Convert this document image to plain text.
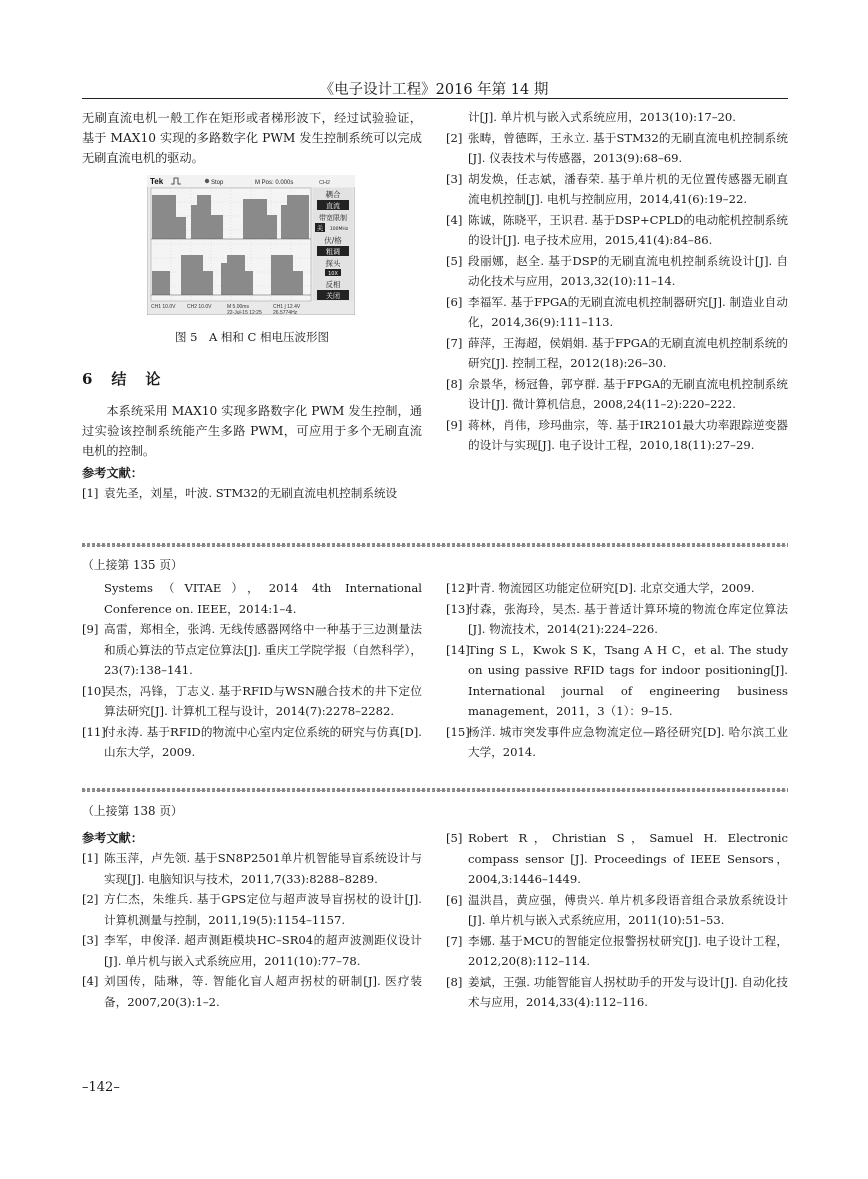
《电子设计工程》2016 年第 14 期

无刷直流电机一般工作在矩形或者梯形波下，经过试验验证，基于 MAX10 实现的多路数字化 PWM 发生控制系统可以完成无刷直流电机的驱动。

Tek	Stop	M Pos: 0.000s	CH2
耦合
直流
带宽限制
关 100MHz
伏/格
粗调
探头
10X
反相
关闭
CH1 10.0V CH2 10.0V	M 5.00ms
22-Jul-15 12:25
CH1 ∫ 12.4V
26.5774Hz
图 5　A 相和 C 相电压波形图

6　结　论

本系统采用 MAX10 实现多路数字化 PWM 发生控制，通过实验该控制系统能产生多路 PWM，可应用于多个无刷直流电机的控制。

参考文献：

[1] 袁先圣，刘星，叶波. STM32的无刷直流电机控制系统设

计[J]. 单片机与嵌入式系统应用，2013(10):17–20.

[2] 张畴，曾德晖，王永立. 基于STM32的无刷直流电机控制系统[J]. 仪表技术与传感器，2013(9):68–69.

[3] 胡发焕，任志斌，潘春荣. 基于单片机的无位置传感器无刷直流电机控制[J]. 电机与控制应用，2014,41(6):19–22.

[4] 陈诚，陈晓平，王识君. 基于DSP+CPLD的电动舵机控制系统的设计[J]. 电子技术应用，2015,41(4):84–86.

[5] 段丽娜，赵全. 基于DSP的无刷直流电机控制系统设计[J]. 自动化技术与应用，2013,32(10):11–14.

[6] 李福军. 基于FPGA的无刷直流电机控制器研究[J]. 制造业自动化，2014,36(9):111–113.

[7] 薛萍，王海超，侯娟娟. 基于FPGA的无刷直流电机控制系统的研究[J]. 控制工程，2012(18):26–30.

[8] 佘景华，杨冠鲁，郭亨群. 基于FPGA的无刷直流电机控制系统设计[J]. 微计算机信息，2008,24(11–2):220–222.

[9] 蒋林，肖伟，珍玛曲宗，等. 基于IR2101最大功率跟踪逆变器的设计与实现[J]. 电子设计工程，2010,18(11):27–29.

（上接第 135 页）

Systems（VITAE），2014 4th International Conference on. IEEE，2014:1–4.

[9] 高雷，郑相全，张鸿. 无线传感器网络中一种基于三边测量法和质心算法的节点定位算法[J]. 重庆工学院学报（自然科学），23(7):138–141.

[10]
吴杰，冯锋，丁志义. 基于RFID与WSN融合技术的井下定位算法研究[J]. 计算机工程与设计，2014(7):2278–2282.

[11]
付永涛. 基于RFID的物流中心室内定位系统的研究与仿真[D]. 山东大学，2009.

[12]
叶青. 物流园区功能定位研究[D]. 北京交通大学，2009.

[13]
付森，张海玲，吴杰. 基于普适计算环境的物流仓库定位算法[J]. 物流技术，2014(21):224–226.

[14]
Ting S L，Kwok S K，Tsang A H C，et al. The study on using passive RFID tags for indoor positioning[J]. International journal of engineering business management，2011，3（1）：9–15.

[15]
杨洋. 城市突发事件应急物流定位—路径研究[D]. 哈尔滨工业大学，2014.

（上接第 138 页）

参考文献：

[1] 陈玉萍，卢先领. 基于SN8P2501单片机智能导盲系统设计与实现[J]. 电脑知识与技术，2011,7(33):8288–8289.

[2] 方仁杰，朱维兵. 基于GPS定位与超声波导盲拐杖的设计[J]. 计算机测量与控制，2011,19(5):1154–1157.

[3] 李军，申俊泽. 超声测距模块HC–SR04的超声波测距仪设计[J]. 单片机与嵌入式系统应用，2011(10):77–78.

[4] 刘国传，陆琳，等. 智能化盲人超声拐杖的研制[J]. 医疗装备，2007,20(3):1–2.

[5] Robert R，Christian S，Samuel H. Electronic compass sensor [J]. Proceedings of IEEE Sensors，2004,3:1446–1449.

[6] 温洪昌，黄应强，傅贵兴. 单片机多段语音组合录放系统设计[J]. 单片机与嵌入式系统应用，2011(10):51–53.

[7] 李娜. 基于MCU的智能定位报警拐杖研究[J]. 电子设计工程，2012,20(8):112–114.

[8] 姜斌，王强. 功能智能盲人拐杖助手的开发与设计[J]. 自动化技术与应用，2014,33(4):112–116.

–142–
